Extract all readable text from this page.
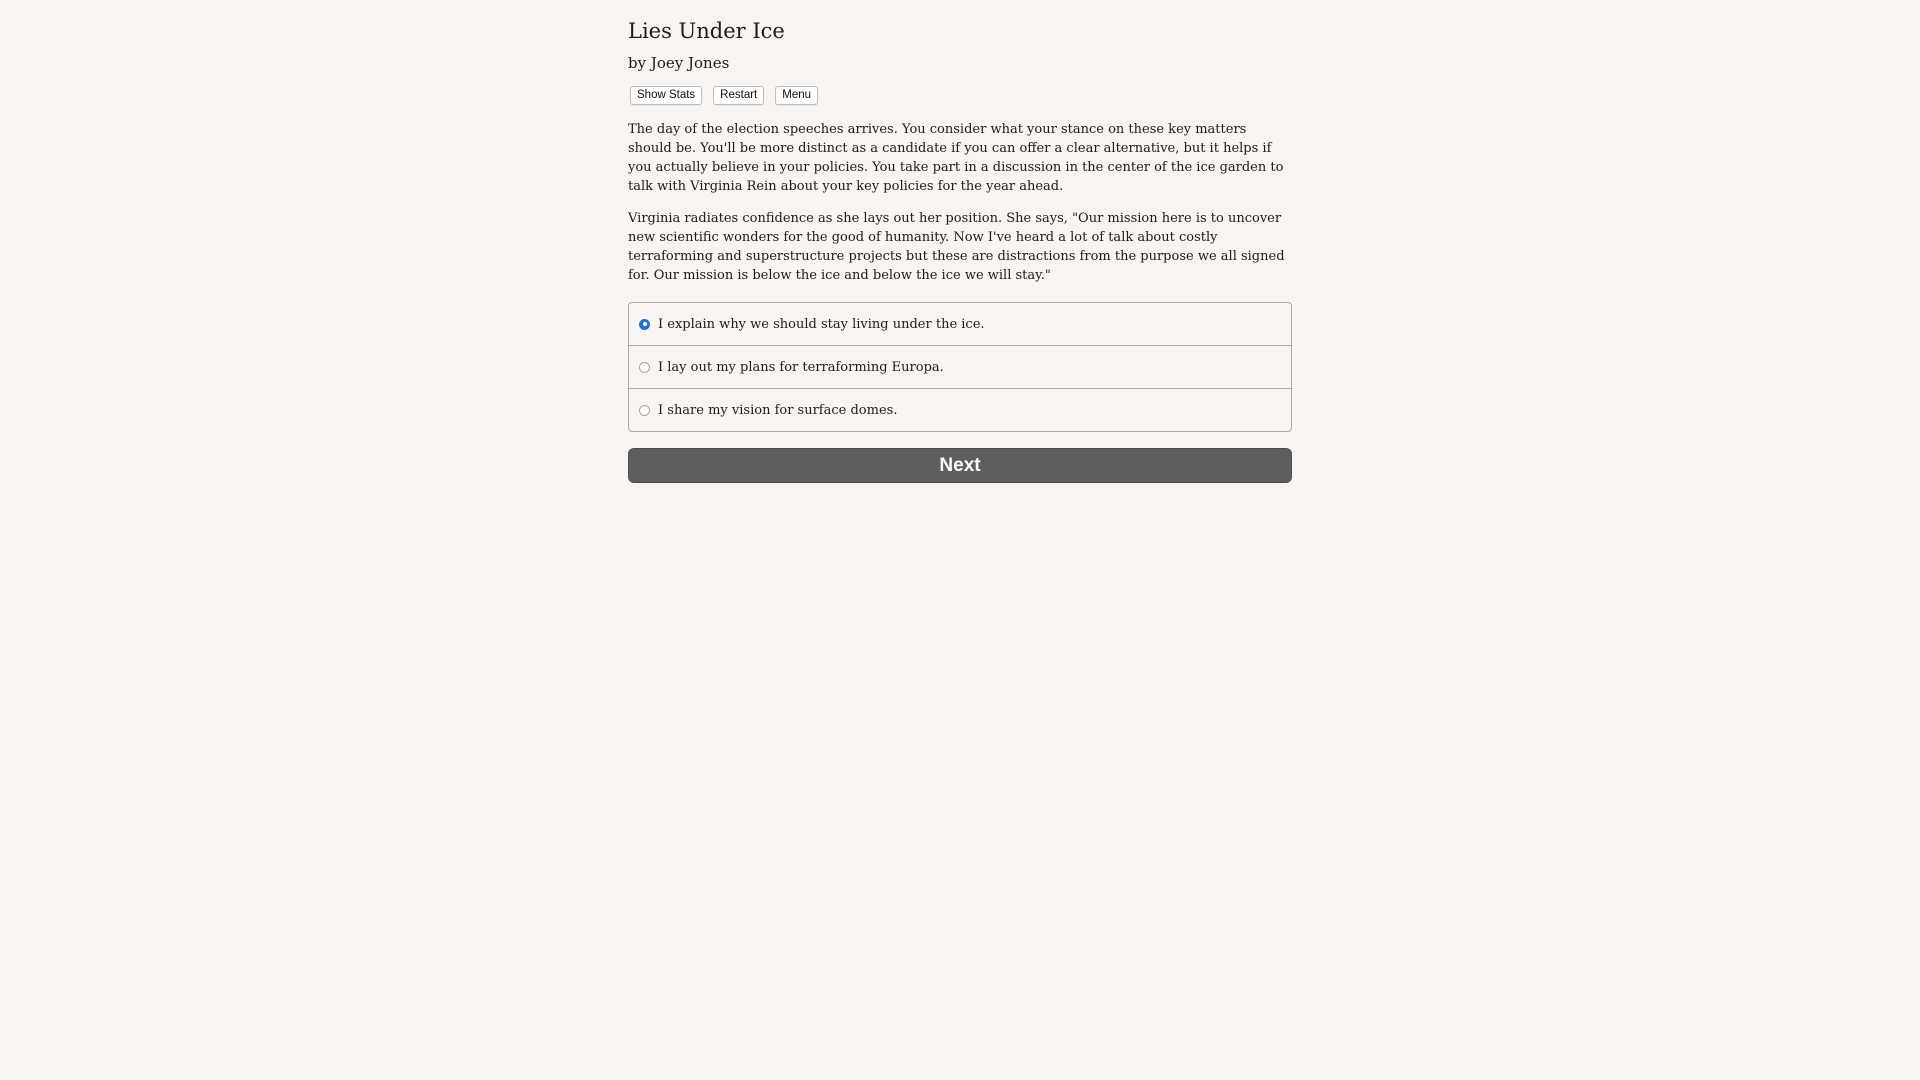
Lies Under Ice
by Joey Jones
Show Stats	Restart	Menu

The day of the election speeches arrives. You consider what your stance on these key matters should be. You'll be more distinct as a candidate if you can offer a clear alternative, but it helps if you actually believe in your policies. You take part in a discussion in the center of the ice garden to talk with Virginia Rein about your key policies for the year ahead.

Virginia radiates confidence as she lays out her position. She says, "Our mission here is to uncover new scientific wonders for the good of humanity. Now I've heard a lot of talk about costly terraforming and superstructure projects but these are distractions from the purpose we all signed for. Our mission is below the ice and below the ice we will stay."

I explain why we should stay living under the ice.
I lay out my plans for terraforming Europa.
I share my vision for surface domes.
Next
